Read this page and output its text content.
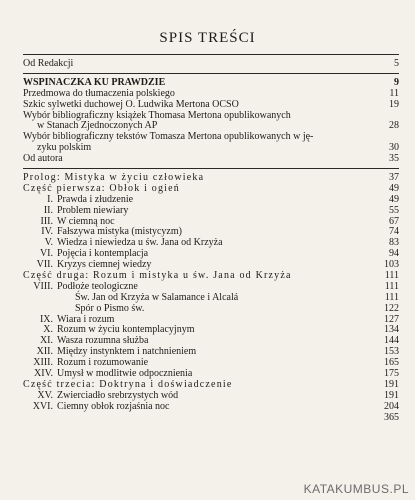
SPIS TREŚCI
Od Redakcji	5
WSPINACZKA KU PRAWDZIE	9
Przedmowa do tłumaczenia polskiego	11
Szkic sylwetki duchowej O. Ludwika Mertona OCSO	19
Wybór bibliograficzny książek Thomasa Mertona opublikowanych
w Stanach Zjednoczonych AP	28
Wybór bibliograficzny tekstów Tomasza Mertona opublikowanych w ję-
zyku polskim	30
Od autora	35
Prolog: Mistyka w życiu człowieka	37
Część pierwsza: Obłok i ogień	49
I. Prawda i złudzenie	49
II. Problem niewiary	55
III. W ciemną noc	67
IV. Fałszywa mistyka (mistycyzm)	74
V. Wiedza i niewiedza u św. Jana od Krzyża	83
VI. Pojęcia i kontemplacja	94
VII. Kryzys ciemnej wiedzy	103
Część druga: Rozum i mistyka u św. Jana od Krzyża	111
VIII. Podłoże teologiczne	111
Św. Jan od Krzyża w Salamance i Alcalá	111
Spór o Pismo św.	122
IX. Wiara i rozum	127
X. Rozum w życiu kontemplacyjnym	134
XI. Wasza rozumna służba	144
XII. Między instynktem i natchnieniem	153
XIII. Rozum i rozumowanie	165
XIV. Umysł w modlitwie odpocznienia	175
Część trzecia: Doktryna i doświadczenie	191
XV. Zwierciadło srebrzystych wód	191
XVI. Ciemny obłok rozjaśnia noc	204
365
KATAKUMBUS.PL
